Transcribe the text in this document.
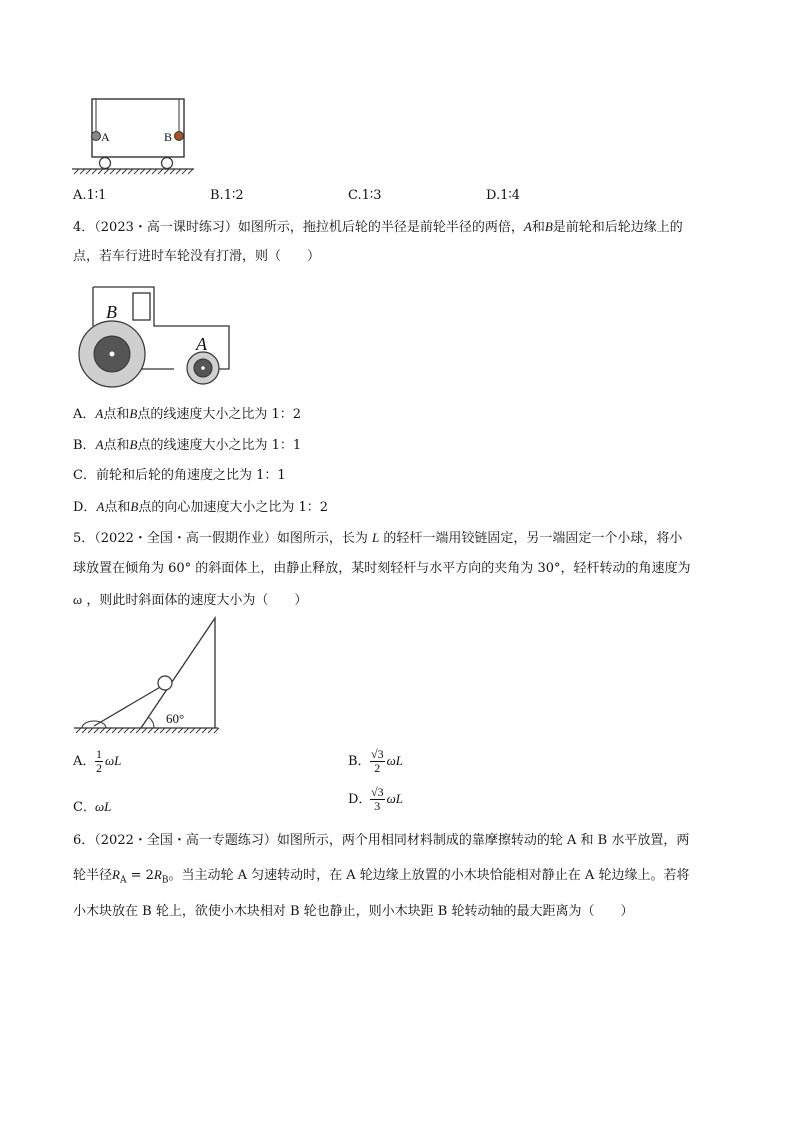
A	B
A.1∶1	B.1∶2	C.1∶3	D.1∶4
4．（2023・高一课时练习）如图所示，拖拉机后轮的半径是前轮半径的两倍，A和B是前轮和后轮边缘上的
点，若车行进时车轮没有打滑，则（　　）
B
A
A．A点和B点的线速度大小之比为 1：2
B．A点和B点的线速度大小之比为 1：1
C．前轮和后轮的角速度之比为 1：1
D．A点和B点的向心加速度大小之比为 1：2
5．（2022・全国・高一假期作业）如图所示，长为 L 的轻杆一端用铰链固定，另一端固定一个小球，将小
球放置在倾角为 60° 的斜面体上，由静止释放，某时刻轻杆与水平方向的夹角为 30°，轻杆转动的角速度为
ω ，则此时斜面体的速度大小为（　　）
60°
A． $\frac{1}{2}$ ωL	B． $\frac{√3}{2}$ ωL
C．ωL	D．
$\frac{√3}{3}$ ωL
6．（2022・全国・高一专题练习）如图所示，两个用相同材料制成的靠摩擦转动的轮 A 和 B 水平放置，两
轮半径$R_A = 2R_B$。当主动轮 A 匀速转动时，在 A 轮边缘上放置的小木块恰能相对静止在 A 轮边缘上。若将
小木块放在 B 轮上，欲使小木块相对 B 轮也静止，则小木块距 B 轮转动轴的最大距离为（　　）
